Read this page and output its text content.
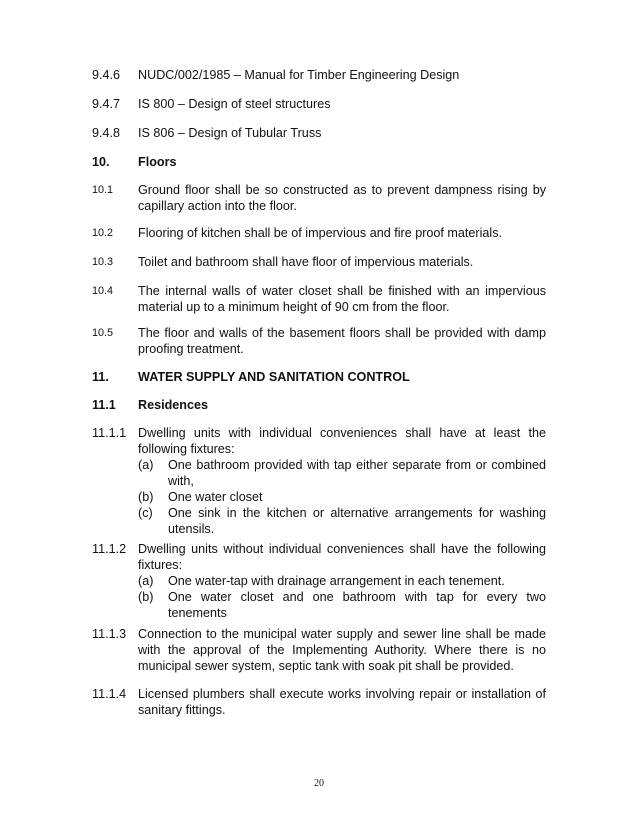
9.4.6 NUDC/002/1985 – Manual for Timber Engineering Design
9.4.7 IS 800 – Design of steel structures
9.4.8 IS 806 – Design of Tubular Truss
10. Floors
10.1 Ground floor shall be so constructed as to prevent dampness rising by capillary action into the floor.
10.2 Flooring of kitchen shall be of impervious and fire proof materials.
10.3 Toilet and bathroom shall have floor of impervious materials.
10.4 The internal walls of water closet shall be finished with an impervious material up to a minimum height of 90 cm from the floor.
10.5 The floor and walls of the basement floors shall be provided with damp proofing treatment.
11. WATER SUPPLY AND SANITATION CONTROL
11.1 Residences
11.1.1 Dwelling units with individual conveniences shall have at least the following fixtures:
(a) One bathroom provided with tap either separate from or combined with,
(b) One water closet
(c) One sink in the kitchen or alternative arrangements for washing utensils.
11.1.2 Dwelling units without individual conveniences shall have the following fixtures:
(a) One water-tap with drainage arrangement in each tenement.
(b) One water closet and one bathroom with tap for every two tenements
11.1.3 Connection to the municipal water supply and sewer line shall be made with the approval of the Implementing Authority. Where there is no municipal sewer system, septic tank with soak pit shall be provided.
11.1.4 Licensed plumbers shall execute works involving repair or installation of sanitary fittings.
20
